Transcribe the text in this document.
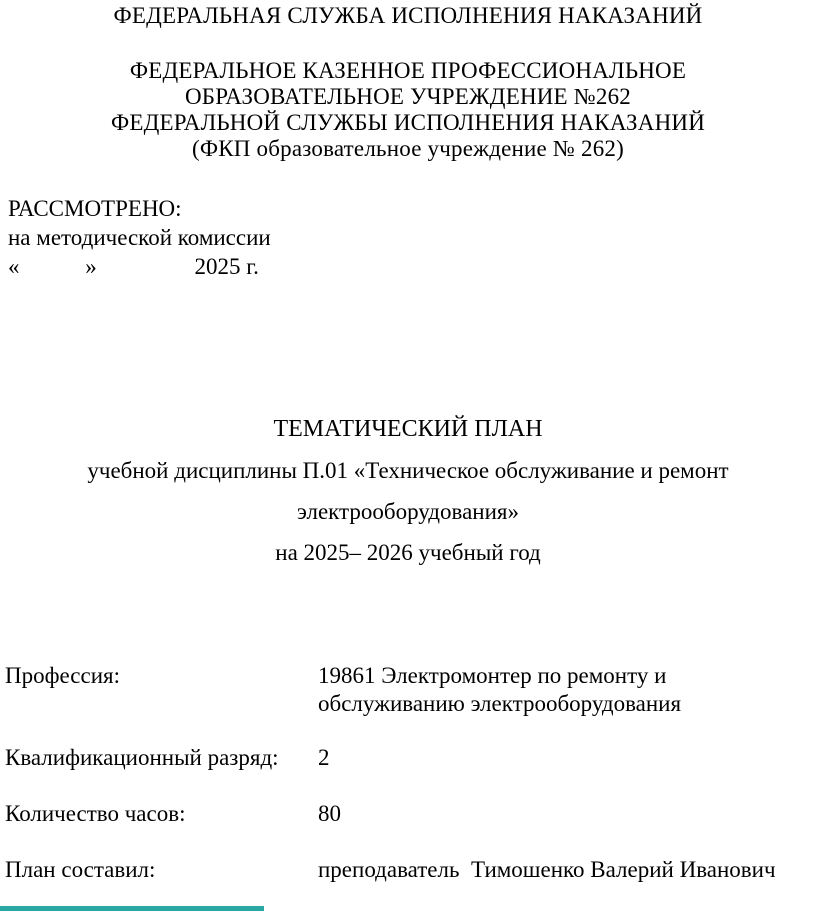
ФЕДЕРАЛЬНАЯ СЛУЖБА ИСПОЛНЕНИЯ НАКАЗАНИЙ
ФЕДЕРАЛЬНОЕ КАЗЕННОЕ ПРОФЕССИОНАЛЬНОЕ
ОБРАЗОВАТЕЛЬНОЕ УЧРЕЖДЕНИЕ №262
ФЕДЕРАЛЬНОЙ СЛУЖБЫ ИСПОЛНЕНИЯ НАКАЗАНИЙ
(ФКП образовательное учреждение № 262)
РАССМОТРЕНО:
на методической комиссии
«	»	2025 г.
ТЕМАТИЧЕСКИЙ ПЛАН
учебной дисциплины П.01 «Техническое обслуживание и ремонт
электрооборудования»
на 2025– 2026 учебный год
Профессия:	19861 Электромонтер по ремонту и обслуживанию электрооборудования
Квалификационный разряд: 2
Количество часов:	80
План составил:	преподаватель  Тимошенко Валерий Иванович
